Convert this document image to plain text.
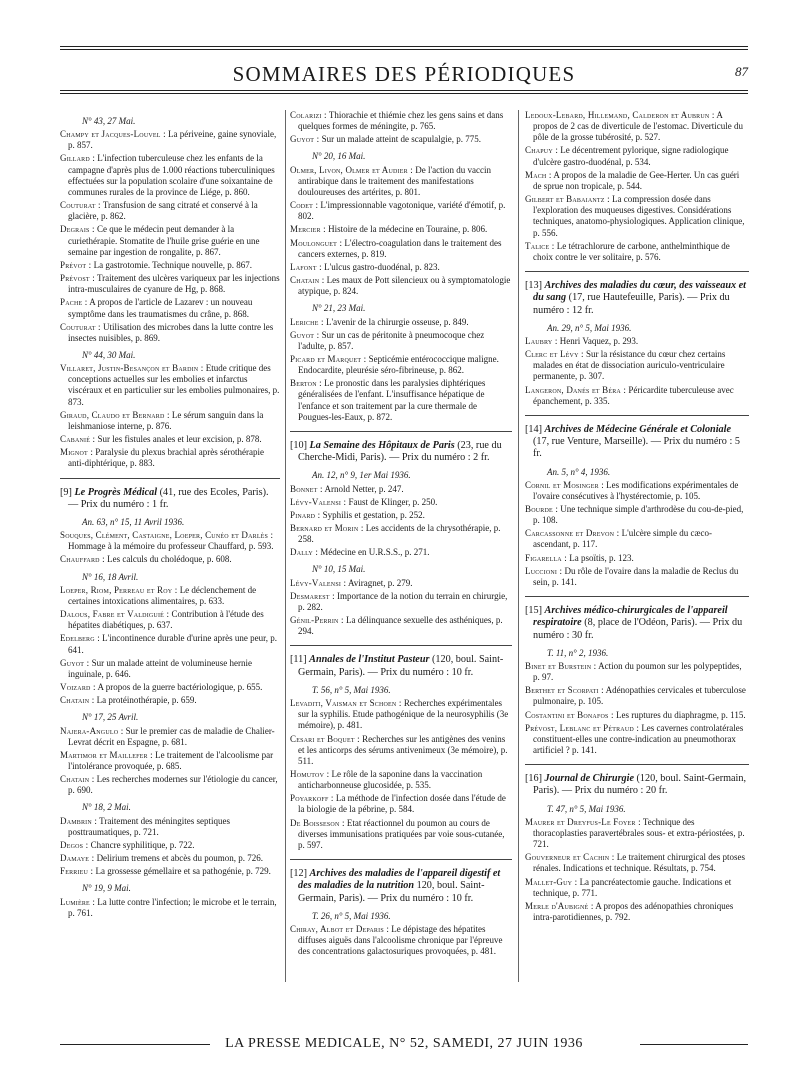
SOMMAIRES DES PÉRIODIQUES	87
N° 43, 27 Mai.
Champy et Jacques-Louvel : La périveine, gaine synoviale, p. 857.
Gillard : L'infection tuberculeuse chez les enfants de la campagne d'après plus de 1.000 réactions tuberculiniques effectuées sur la population scolaire d'une soixantaine de communes rurales de la province de Liége, p. 860.
Couturat : Transfusion de sang citraté et conservé à la glacière, p. 862.
Degrais : Ce que le médecin peut demander à la curiethérapie. Stomatite de l'huile grise guérie en une semaine par ingestion de rongalite, p. 867.
Prévot : La gastrotomie. Technique nouvelle, p. 867.
Prévost : Traitement des ulcères variqueux par les injections intra-musculaires de cyanure de Hg, p. 868.
Pache : A propos de l'article de Lazarev : un nouveau symptôme dans les traumatismes du crâne, p. 868.
Couturat : Utilisation des microbes dans la lutte contre les insectes nuisibles, p. 869.
N° 44, 30 Mai.
Villaret, Justin-Besançon et Bardin : Etude critique des conceptions actuelles sur les embolies et infarctus viscéraux et en particulier sur les embolies pulmonaires, p. 873.
Giraud, Claudo et Bernard : Le sérum sanguin dans la leishmaniose interne, p. 876.
Cabanié : Sur les fistules anales et leur excision, p. 878.
Mignot : Paralysie du plexus brachial après sérothérapie anti-diphtérique, p. 883.
[9] Le Progrès Médical (41, rue des Ecoles, Paris). — Prix du numéro : 1 fr.
An. 63, n° 15, 11 Avril 1936.
Souques, Clément, Castaigne, Loeper, Cunéo et Darlès : Hommage à la mémoire du professeur Chauffard, p. 593.
Chauffard : Les calculs du cholédoque, p. 608.
N° 16, 18 Avril.
Loeper, Riom, Perreau et Roy : Le déclenchement de certaines intoxications alimentaires, p. 633.
Dalous, Fabre et Valdiguié : Contribution à l'étude des hépatites diabétiques, p. 637.
Edelberg : L'incontinence durable d'urine après une peur, p. 641.
Guyot : Sur un malade atteint de volumineuse hernie inguinale, p. 646.
Voizard : A propos de la guerre bactériologique, p. 655.
Chatain : La protéinothérapie, p. 659.
N° 17, 25 Avril.
Najera-Angulo : Sur le premier cas de maladie de Chalier-Levrat décrit en Espagne, p. 681.
Martimor et Maillefer : Le traitement de l'alcoolisme par l'intolérance provoquée, p. 685.
Chatain : Les recherches modernes sur l'étiologie du cancer, p. 690.
N° 18, 2 Mai.
Dambrin : Traitement des méningites septiques posttraumatiques, p. 721.
Degos : Chancre syphilitique, p. 722.
Damaye : Delirium tremens et abcès du poumon, p. 726.
Ferrieu : La grossesse gémellaire et sa pathogénie, p. 729.
N° 19, 9 Mai.
Lumière : La lutte contre l'infection; le microbe et le terrain, p. 761.
Colarizi : Thiorachie et thiémie chez les gens sains et dans quelques formes de méningite, p. 765.
Guyot : Sur un malade atteint de scapulalgie, p. 775.
N° 20, 16 Mai.
Olmer, Livon, Olmer et Audier : De l'action du vaccin antirabique dans le traitement des manifestations douloureuses des artérites, p. 801.
Codet : L'impressionnable vagotonique, variété d'émotif, p. 802.
Mercier : Histoire de la médecine en Touraine, p. 806.
Moulonguet : L'électro-coagulation dans le traitement des cancers externes, p. 819.
Lafont : L'ulcus gastro-duodénal, p. 823.
Chatain : Les maux de Pott silencieux ou à symptomatologie atypique, p. 824.
N° 21, 23 Mai.
Leriche : L'avenir de la chirurgie osseuse, p. 849.
Guyot : Sur un cas de péritonite à pneumocoque chez l'adulte, p. 857.
Picard et Marquet : Septicémie entérococcique maligne. Endocardite, pleurésie séro-fibrineuse, p. 862.
Berton : Le pronostic dans les paralysies diphtériques généralisées de l'enfant. L'insuffisance hépatique de l'enfance et son traitement par la cure thermale de Pougues-les-Eaux, p. 872.
[10] La Semaine des Hôpitaux de Paris (23, rue du Cherche-Midi, Paris). — Prix du numéro : 2 fr.
An. 12, n° 9, 1er Mai 1936.
Bonnet : Arnold Netter, p. 247.
Lévy-Valensi : Faust de Klinger, p. 250.
Pinard : Syphilis et gestation, p. 252.
Bernard et Morin : Les accidents de la chrysothérapie, p. 258.
Dally : Médecine en U.R.S.S., p. 271.
N° 10, 15 Mai.
Lévy-Valensi : Aviragnet, p. 279.
Desmarest : Importance de la notion du terrain en chirurgie, p. 282.
Génil-Perrin : La délinquance sexuelle des asthéniques, p. 294.
[11] Annales de l'Institut Pasteur (120, boul. Saint-Germain, Paris). — Prix du numéro : 10 fr.
T. 56, n° 5, Mai 1936.
Levaditi, Vaisman et Schoen : Recherches expérimentales sur la syphilis. Etude pathogénique de la neurosyphilis (3e mémoire), p. 481.
Cesari et Boquet : Recherches sur les antigènes des venins et les anticorps des sérums antivenimeux (3e mémoire), p. 511.
Homutov : Le rôle de la saponine dans la vaccination anticharbonneuse glucosidée, p. 535.
Poyarkoff : La méthode de l'infection dosée dans l'étude de la biologie de la pébrine, p. 584.
De Boisseson : Etat réactionnel du poumon au cours de diverses immunisations pratiquées par voie sous-cutanée, p. 597.
[12] Archives des maladies de l'appareil digestif et des maladies de la nutrition 120, boul. Saint-Germain, Paris). — Prix du numéro : 10 fr.
T. 26, n° 5, Mai 1936.
Chiray, Albot et Deparis : Le dépistage des hépatites diffuses aiguës dans l'alcoolisme chronique par l'épreuve des concentrations galactosuriques provoquées, p. 481.
Ledoux-Lebard, Hillemand, Calderon et Aubrun : A propos de 2 cas de diverticule de l'estomac. Diverticule du pôle de la grosse tubérosité, p. 527.
Chapuy : Le décentrement pylorique, signe radiologique d'ulcère gastro-duodénal, p. 534.
Mach : A propos de la maladie de Gee-Herter. Un cas guéri de sprue non tropicale, p. 544.
Gilbert et Babaiantz : La compression dosée dans l'exploration des muqueuses digestives. Considérations techniques, anatomo-physiologiques. Application clinique, p. 556.
Talice : Le tétrachlorure de carbone, anthelminthique de choix contre le ver solitaire, p. 576.
[13] Archives des maladies du cœur, des vaisseaux et du sang (17, rue Hautefeuille, Paris). — Prix du numéro : 12 fr.
An. 29, n° 5, Mai 1936.
Laubry : Henri Vaquez, p. 293.
Clerc et Lévy : Sur la résistance du cœur chez certains malades en état de dissociation auriculo-ventriculaire permanente, p. 307.
Langeron, Danés et Béra : Péricardite tuberculeuse avec épanchement, p. 335.
[14] Archives de Médecine Générale et Coloniale (17, rue Venture, Marseille). — Prix du numéro : 5 fr.
An. 5, n° 4, 1936.
Cornil et Mosinger : Les modifications expérimentales de l'ovaire consécutives à l'hystérectomie, p. 105.
Bourde : Une technique simple d'arthrodèse du cou-de-pied, p. 108.
Carcassonne et Drevon : L'ulcère simple du cæco-ascendant, p. 117.
Figarella : La psoïtis, p. 123.
Luccioni : Du rôle de l'ovaire dans la maladie de Reclus du sein, p. 141.
[15] Archives médico-chirurgicales de l'appareil respiratoire (8, place de l'Odéon, Paris). — Prix du numéro : 30 fr.
T. 11, n° 2, 1936.
Binet et Burstein : Action du poumon sur les polypeptides, p. 97.
Berthet et Scorpati : Adénopathies cervicales et tuberculose pulmonaire, p. 105.
Costantini et Bonafos : Les ruptures du diaphragme, p. 115.
Prévost, Leblanc et Pétraud : Les cavernes controlatérales constituent-elles une contre-indication au pneumothorax artificiel ? p. 141.
[16] Journal de Chirurgie (120, boul. Saint-Germain, Paris). — Prix du numéro : 20 fr.
T. 47, n° 5, Mai 1936.
Maurer et Dreyfus-Le Foyer : Technique des thoracoplasties paravertébrales sous- et extra-périostées, p. 721.
Gouverneur et Cachin : Le traitement chirurgical des ptoses rénales. Indications et technique. Résultats, p. 754.
Mallet-Guy : La pancréatectomie gauche. Indications et technique, p. 771.
Merle d'Aubigné : A propos des adénopathies chroniques intra-parotidiennes, p. 792.
LA PRESSE MEDICALE, N° 52, SAMEDI, 27 JUIN 1936
